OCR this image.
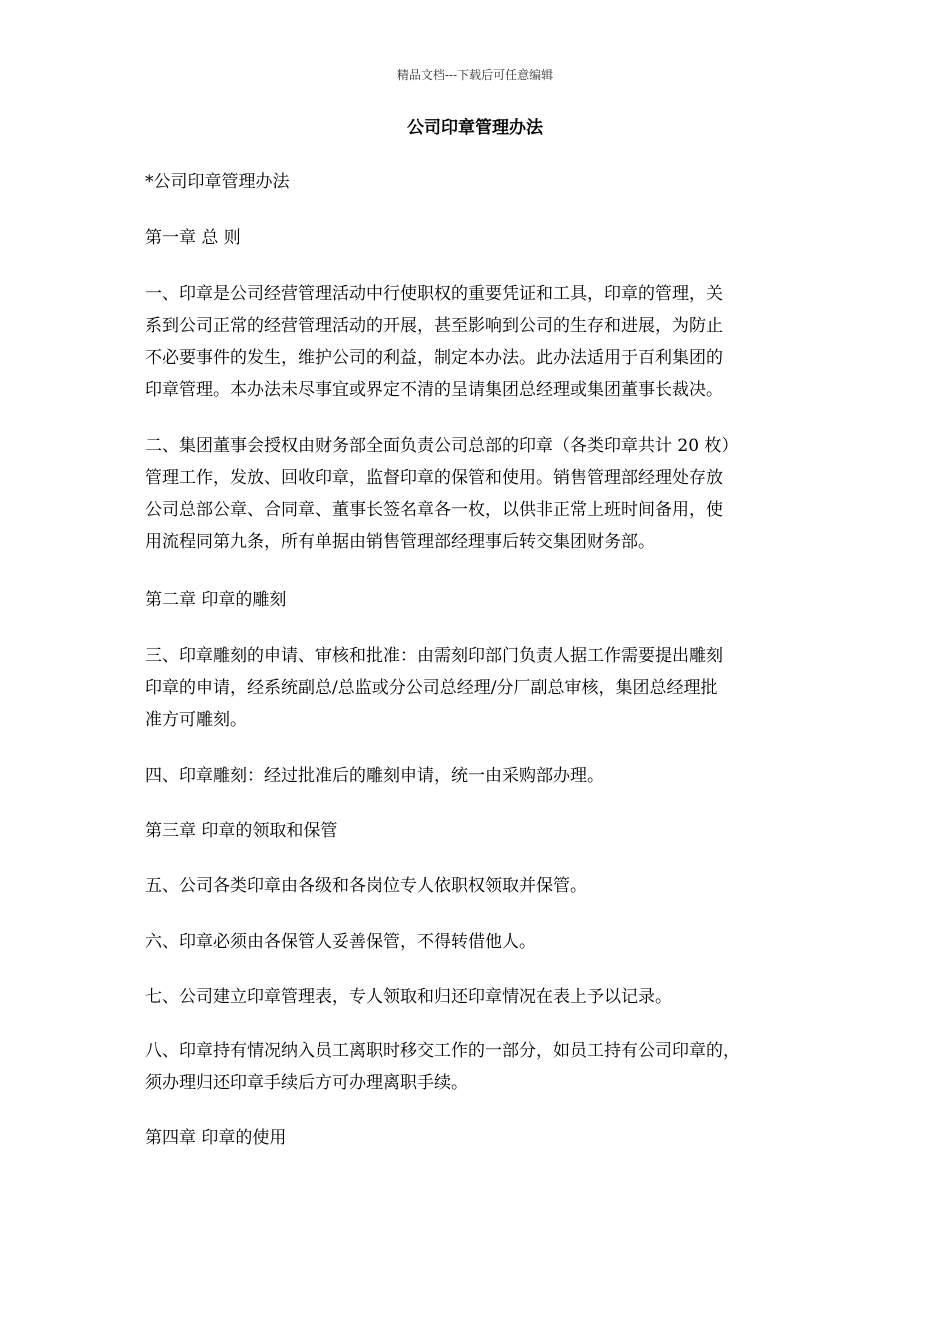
精品文档---下载后可任意编辑
公司印章管理办法
*公司印章管理办法
第一章 总 则
一、印章是公司经营管理活动中行使职权的重要凭证和工具，印章的管理，关
系到公司正常的经营管理活动的开展，甚至影响到公司的生存和进展，为防止
不必要事件的发生，维护公司的利益，制定本办法。此办法适用于百利集团的
印章管理。本办法未尽事宜或界定不清的呈请集团总经理或集团董事长裁决。
二、集团董事会授权由财务部全面负责公司总部的印章（各类印章共计 20 枚）
管理工作，发放、回收印章，监督印章的保管和使用。销售管理部经理处存放
公司总部公章、合同章、董事长签名章各一枚，以供非正常上班时间备用，使
用流程同第九条，所有单据由销售管理部经理事后转交集团财务部。
第二章 印章的雕刻
三、印章雕刻的申请、审核和批准：由需刻印部门负责人据工作需要提出雕刻
印章的申请，经系统副总/总监或分公司总经理/分厂副总审核，集团总经理批
准方可雕刻。
四、印章雕刻：经过批准后的雕刻申请，统一由采购部办理。
第三章 印章的领取和保管
五、公司各类印章由各级和各岗位专人依职权领取并保管。
六、印章必须由各保管人妥善保管，不得转借他人。
七、公司建立印章管理表，专人领取和归还印章情况在表上予以记录。
八、印章持有情况纳入员工离职时移交工作的一部分，如员工持有公司印章的，
须办理归还印章手续后方可办理离职手续。
第四章 印章的使用
